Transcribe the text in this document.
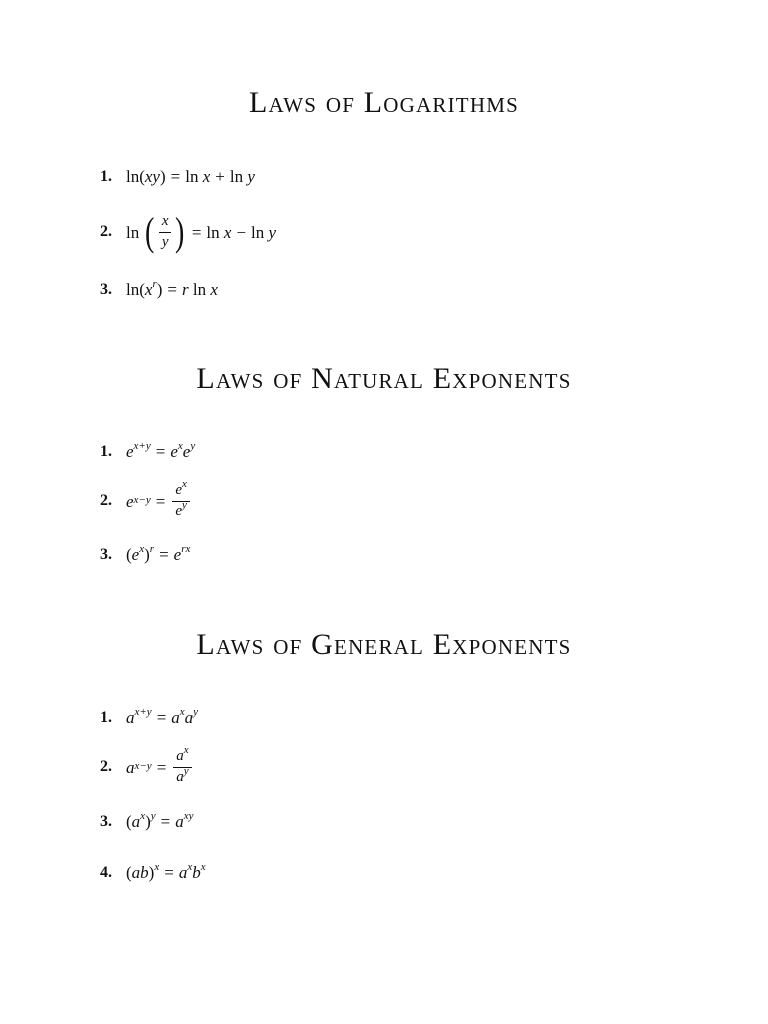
Laws of Logarithms
1. ln(xy) = ln x + ln y
2. ln ( $\frac{x}{y}$ ) = ln x − ln y
3. $\ln(x^r) = r$ ln x
Laws of Natural Exponents
1. $e^{x+y} = e^xe^y$
2. $e^{x-y} = \frac{e^x}{e^y}$
3. $(e^x)^r = e^{rx}$
Laws of General Exponents
1. $a^{x+y} = a^xa^y$
2. $a^{x-y} = \frac{a^x}{a^y}$
3. $(a^x)^y = a^{xy}$
4. $(ab)^x = a^xb^x$
